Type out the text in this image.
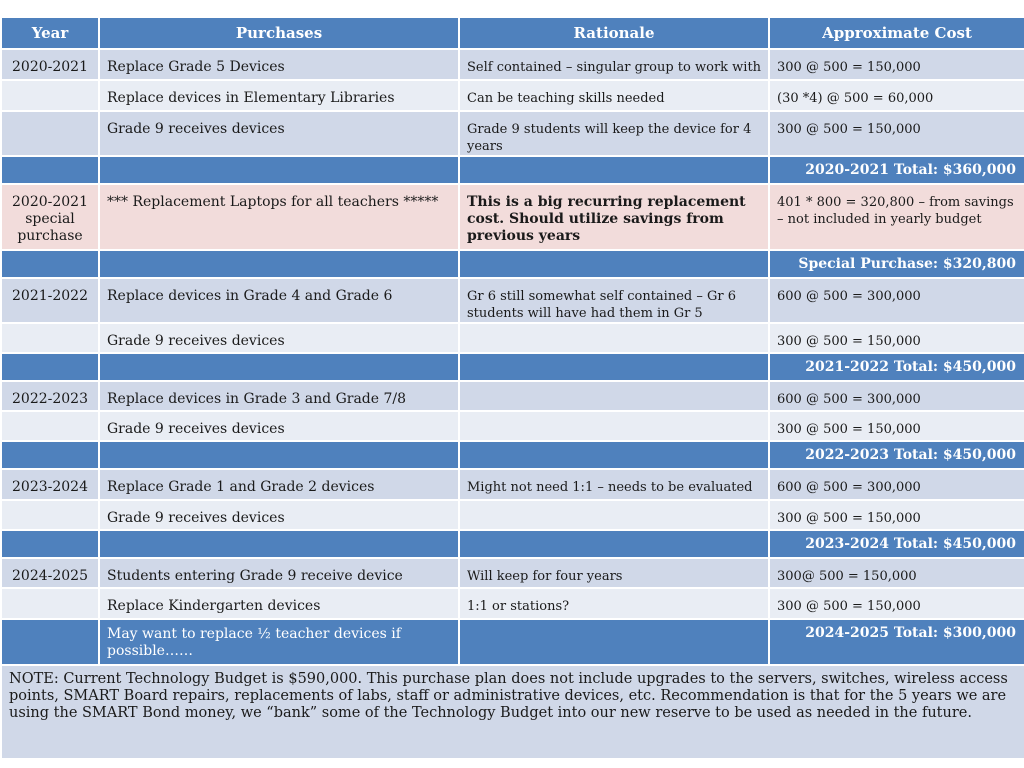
Year	Purchases	Rationale	Approximate Cost
2020-2021	Replace Grade 5 Devices	Self contained – singular group to work with	300 @ 500 = 150,000
	Replace devices in Elementary Libraries	Can be teaching skills needed	(30 *4) @ 500 = 60,000
	Grade 9 receives devices	Grade 9 students will keep the device for 4 years	300 @ 500 = 150,000
			2020-2021 Total: $360,000
2020-2021 special purchase	*** Replacement Laptops for all teachers *****	This is a big recurring replacement cost. Should utilize savings from previous years	401 * 800 = 320,800 – from savings – not included in yearly budget
			Special Purchase: $320,800
2021-2022	Replace devices in Grade 4 and Grade 6	Gr 6 still somewhat self contained – Gr 6 students will have had them in Gr 5	600 @ 500 = 300,000
	Grade 9 receives devices		300 @ 500 = 150,000
			2021-2022 Total: $450,000
2022-2023	Replace devices in Grade 3 and Grade 7/8		600 @ 500 = 300,000
	Grade 9 receives devices		300 @ 500 = 150,000
			2022-2023 Total: $450,000
2023-2024	Replace Grade 1 and Grade 2 devices	Might not need 1:1 – needs to be evaluated	600 @ 500 = 300,000
	Grade 9 receives devices		300 @ 500 = 150,000
			2023-2024 Total: $450,000
2024-2025	Students entering Grade 9 receive device	Will keep for four years	300@ 500 = 150,000
	Replace Kindergarten devices	1:1 or stations?	300 @ 500 = 150,000
	May want to replace ½ teacher devices if possible……		2024-2025 Total: $300,000
NOTE: Current Technology Budget is $590,000. This purchase plan does not include upgrades to the servers, switches, wireless access points, SMART Board repairs, replacements of labs, staff or administrative devices, etc. Recommendation is that for the 5 years we are using the SMART Bond money, we “bank” some of the Technology Budget into our new reserve to be used as needed in the future.			
